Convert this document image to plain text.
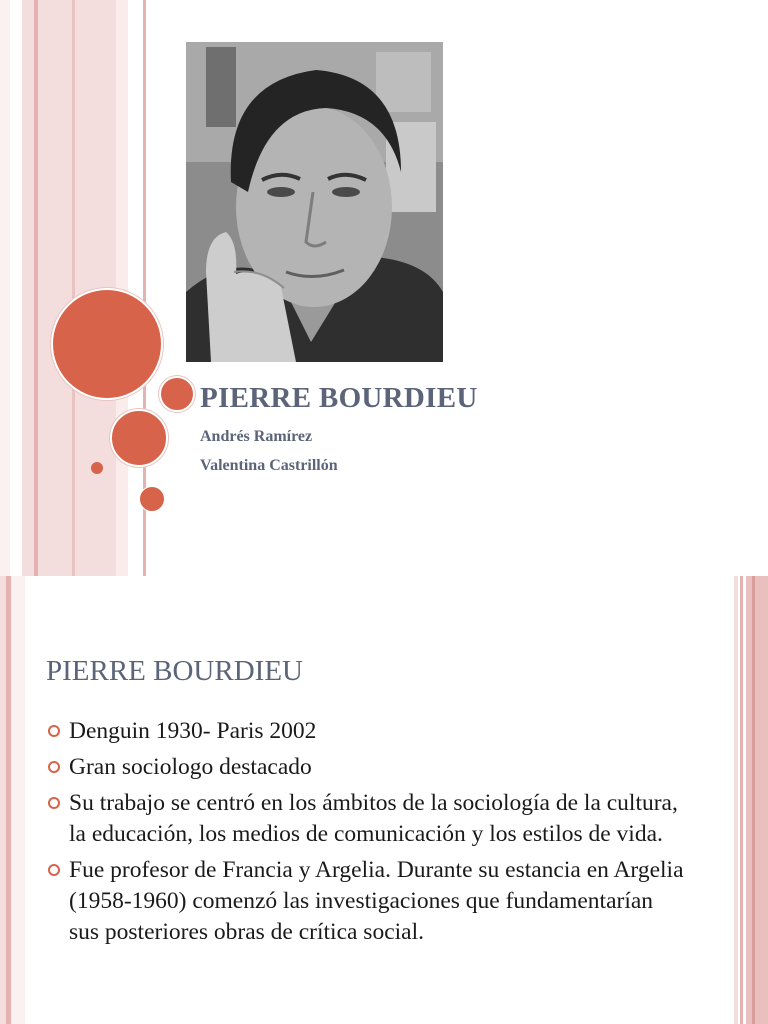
PIERRE BOURDIEU

Andrés Ramírez

Valentina Castrillón

PIERRE BOURDIEU
Denguin 1930- Paris 2002
Gran sociologo destacado
Su trabajo se centró en los ámbitos de la sociología de la cultura, la educación, los medios de comunicación y los estilos de vida.
Fue profesor de Francia y Argelia. Durante su estancia en Argelia (1958-1960) comenzó las investigaciones que fundamentarían sus posteriores obras de crítica social.
